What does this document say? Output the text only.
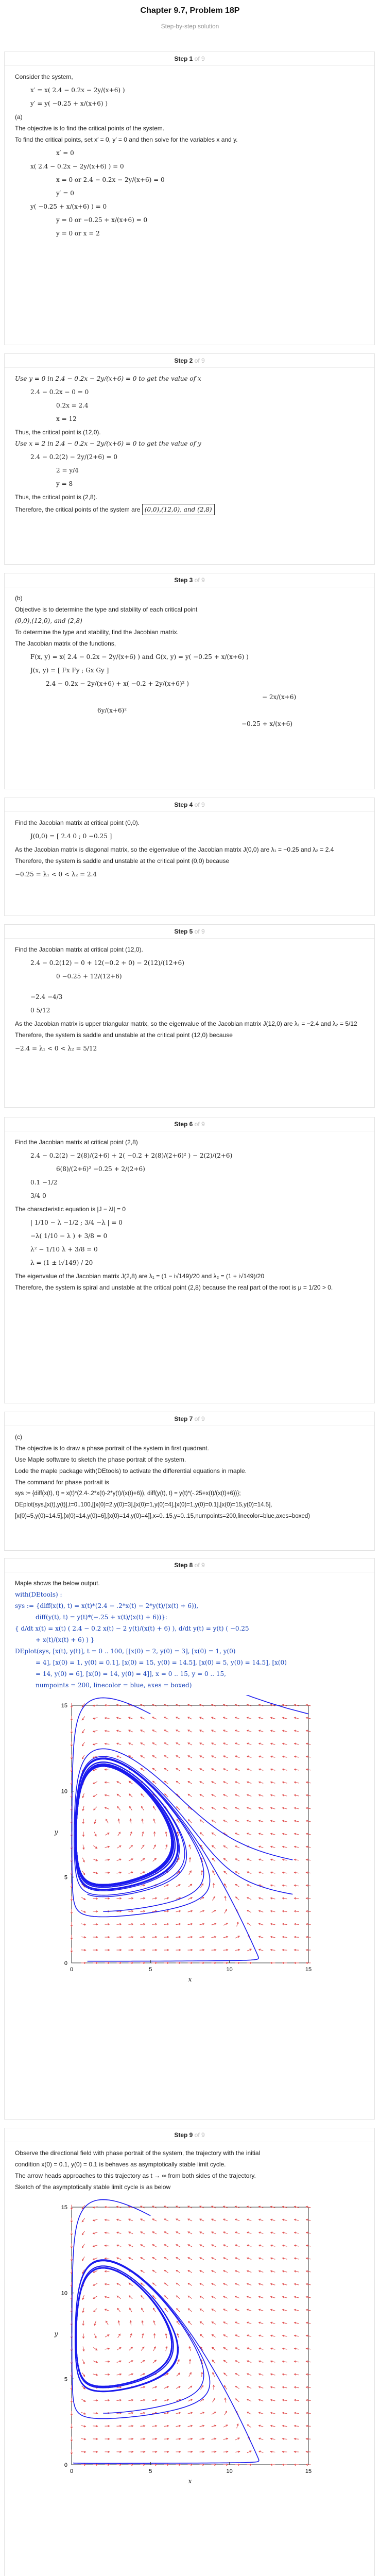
Chapter 9.7, Problem 18P
Step-by-step solution
Step 1 of 9

Consider the system,

x′ = x( 2.4 − 0.2x − 2y/(x+6) )
y′ = y( −0.25 + x/(x+6) )

(a)

The objective is to find the critical points of the system.

To find the critical points, set x′ = 0, y′ = 0 and then solve for the variables x and y.

x′ = 0
x( 2.4 − 0.2x − 2y/(x+6) ) = 0
x = 0 or 2.4 − 0.2x − 2y/(x+6) = 0
y′ = 0
y( −0.25 + x/(x+6) ) = 0
y = 0 or −0.25 + x/(x+6) = 0
y = 0 or x = 2
Step 2 of 9

Use y = 0 in 2.4 − 0.2x − 2y/(x+6) = 0 to get the value of x

2.4 − 0.2x − 0 = 0
0.2x = 2.4
x = 12

Thus, the critical point is (12,0).

Use x = 2 in 2.4 − 0.2x − 2y/(x+6) = 0 to get the value of y

2.4 − 0.2(2) − 2y/(2+6) = 0
2 = y/4
y = 8

Thus, the critical point is (2,8).

Therefore, the critical points of the system are (0,0),(12,0), and (2,8)

Step 3 of 9

(b)

Objective is to determine the type and stability of each critical point

(0,0),(12,0), and (2,8)

To determine the type and stability, find the Jacobian matrix.

The Jacobian matrix of the functions,

F(x, y) = x( 2.4 − 0.2x − 2y/(x+6) ) and G(x, y) = y( −0.25 + x/(x+6) )
J(x, y) = [ Fx Fy ; Gx Gy ]
2.4 − 0.2x − 2y/(x+6) + x( −0.2 + 2y/(x+6)² )
− 2x/(x+6)
6y/(x+6)²
−0.25 + x/(x+6)
Step 4 of 9

Find the Jacobian matrix at critical point (0,0).

J(0,0) = [ 2.4 0 ; 0 −0.25 ]

As the Jacobian matrix is diagonal matrix, so the eigenvalue of the Jacobian matrix J(0,0) are λ₁ = −0.25 and λ₂ = 2.4

Therefore, the system is saddle and unstable at the critical point (0,0) because

−0.25 = λ₁ < 0 < λ₂ = 2.4
Step 5 of 9

Find the Jacobian matrix at critical point (12,0).

2.4 − 0.2(12) − 0 + 12(−0.2 + 0) − 2(12)/(12+6)
0 −0.25 + 12/(12+6)
−2.4 −4/3
0 5/12

As the Jacobian matrix is upper triangular matrix, so the eigenvalue of the Jacobian matrix J(12,0) are λ₁ = −2.4 and λ₂ = 5/12

Therefore, the system is saddle and unstable at the critical point (12,0) because

−2.4 = λ₁ < 0 < λ₂ = 5/12
Step 6 of 9

Find the Jacobian matrix at critical point (2,8)

2.4 − 0.2(2) − 2(8)/(2+6) + 2( −0.2 + 2(8)/(2+6)² ) − 2(2)/(2+6)
6(8)/(2+6)² −0.25 + 2/(2+6)
0.1 −1/2
3/4 0

The characteristic equation is |J − λI| = 0

| 1/10 − λ −1/2 ; 3/4 −λ | = 0
−λ( 1/10 − λ ) + 3/8 = 0
λ² − 1/10 λ + 3/8 = 0
λ = (1 ± i√149) / 20

The eigenvalue of the Jacobian matrix J(2,8) are λ₁ = (1 − i√149)/20 and λ₂ = (1 + i√149)/20

Therefore, the system is spiral and unstable at the critical point (2,8) because the real part of the root is μ = 1/20 > 0.

Step 7 of 9

(c)

The objective is to draw a phase portrait of the system in first quadrant.

Use Maple software to sketch the phase portrait of the system.

Lode the maple package with(DEtools) to activate the differential equations in maple.

The command for phase portrait is

sys := {diff(x(t), t) = x(t)*(2.4-.2*x(t)-2*y(t)/(x(t)+6)), diff(y(t), t) = y(t)*(-.25+x(t)/(x(t)+6))};

DEplot(sys,[x(t),y(t)],t=0..100,[[x(0)=2,y(0)=3],[x(0)=1,y(0)=4],[x(0)=1,y(0)=0.1],[x(0)=15,y(0)=14.5],

[x(0)=5,y(0)=14.5],[x(0)=14,y(0)=6],[x(0)=14,y(0)=4]],x=0..15,y=0..15,numpoints=200,linecolor=blue,axes=boxed)

Step 8 of 9

Maple shows the below output.

with(DEtools) :

sys := {diff(x(t), t) = x(t)*(2.4 − .2*x(t) − 2*y(t)/(x(t) + 6)),

diff(y(t), t) = y(t)*(−.25 + x(t)/(x(t) + 6))}:

{ d/dt x(t) = x(t) ( 2.4 − 0.2 x(t) − 2 y(t)/(x(t) + 6) ), d/dt y(t) = y(t) ( −0.25

+ x(t)/(x(t) + 6) ) }

DEplot(sys, [x(t), y(t)], t = 0 .. 100, [[x(0) = 2, y(0) = 3], [x(0) = 1, y(0)

= 4], [x(0) = 1, y(0) = 0.1], [x(0) = 15, y(0) = 14.5], [x(0) = 5, y(0) = 14.5], [x(0)

= 14, y(0) = 6], [x(0) = 14, y(0) = 4]], x = 0 .. 15, y = 0 .. 15,

numpoints = 200, linecolor = blue, axes = boxed)

0
0
5
5
10
10
15
15
x
y
Step 9 of 9

Observe the directional field with phase portrait of the system, the trajectory with the initial

condition x(0) = 0.1, y(0) = 0.1 is behaves as asymptotically stable limit cycle.

The arrow heads approaches to this trajectory as t → ∞ from both sides of the trajectory.

Sketch of the asymptotically stable limit cycle is as below

0
0
5
5
10
10
15
15
x
y
